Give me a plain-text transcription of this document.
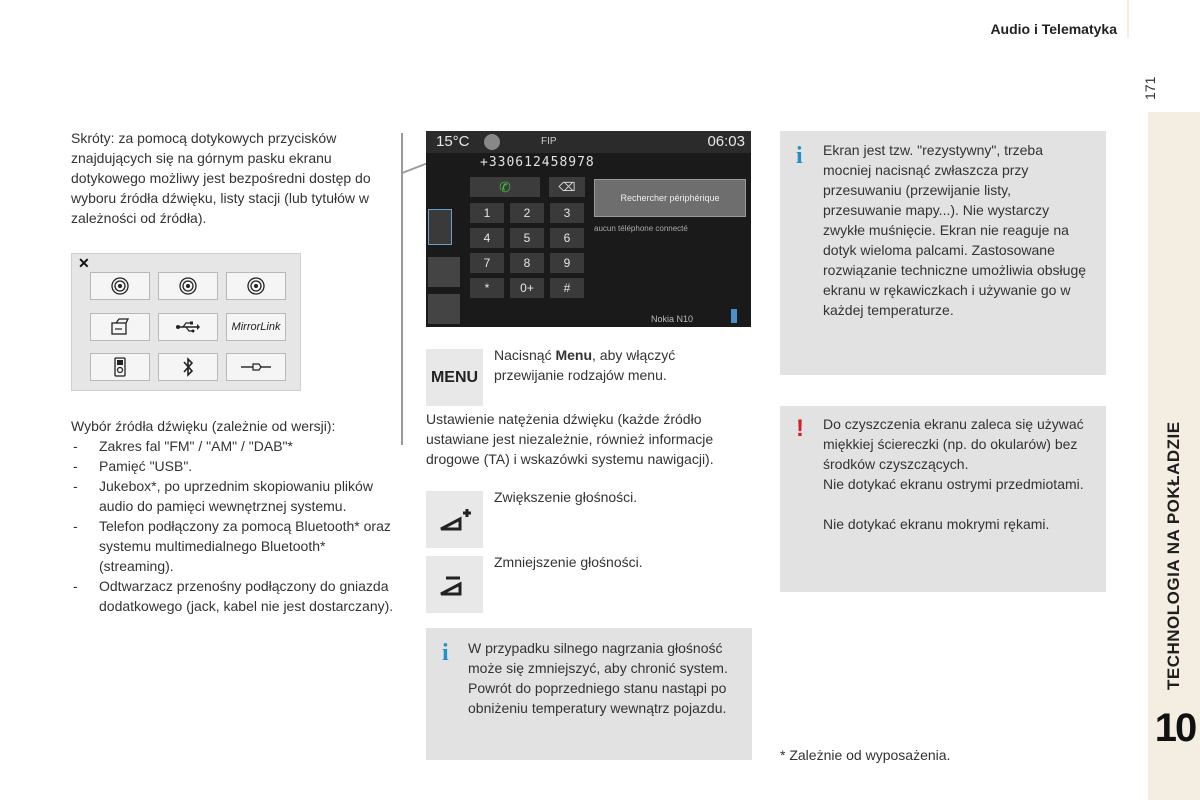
Audio i Telematyka
171
TECHNOLOGIA NA POKŁADZIE
10
Skróty: za pomocą dotykowych przycisków znajdujących się na górnym pasku ekranu dotykowego możliwy jest bezpośredni dostęp do wyboru źródła dźwięku, listy stacji (lub tytułów w zależności od źródła).
✕
MirrorLink
Wybór źródła dźwięku (zależnie od wersji):
- Zakres fal "FM" / "AM" / "DAB"*
- Pamięć "USB".
- Jukebox*, po uprzednim skopiowaniu plików audio do pamięci wewnętrznej systemu.
- Telefon podłączony za pomocą Bluetooth* oraz systemu multimedialnego Bluetooth* (streaming).
- Odtwarzacz przenośny podłączony do gniazda dodatkowego (jack, kabel nie jest dostarczany).
15°C	FIP	06:03
+330612458978
✆	⌫
1	2	3
4	5	6
7	8	9
*	0+	#
Rechercher périphérique
aucun téléphone connecté
Nokia N10
MENU
Nacisnąć Menu, aby włączyć przewijanie rodzajów menu.
Ustawienie natężenia dźwięku (każde źródło ustawiane jest niezależnie, również informacje drogowe (TA) i wskazówki systemu nawigacji).
Zwiększenie głośności.
Zmniejszenie głośności.
i W przypadku silnego nagrzania głośność może się zmniejszyć, aby chronić system. Powrót do poprzedniego stanu nastąpi po obniżeniu temperatury wewnątrz pojazdu.
i Ekran jest tzw. "rezystywny", trzeba mocniej nacisnąć zwłaszcza przy przesuwaniu (przewijanie listy, przesuwanie mapy...). Nie wystarczy zwykłe muśnięcie. Ekran nie reaguje na dotyk wieloma palcami. Zastosowane rozwiązanie techniczne umożliwia obsługę ekranu w rękawiczkach i używanie go w każdej temperaturze.
! Do czyszczenia ekranu zaleca się używać miękkiej ściereczki (np. do okularów) bez środków czyszczących.
Nie dotykać ekranu ostrymi przedmiotami.
Nie dotykać ekranu mokrymi rękami.
* Zależnie od wyposażenia.
